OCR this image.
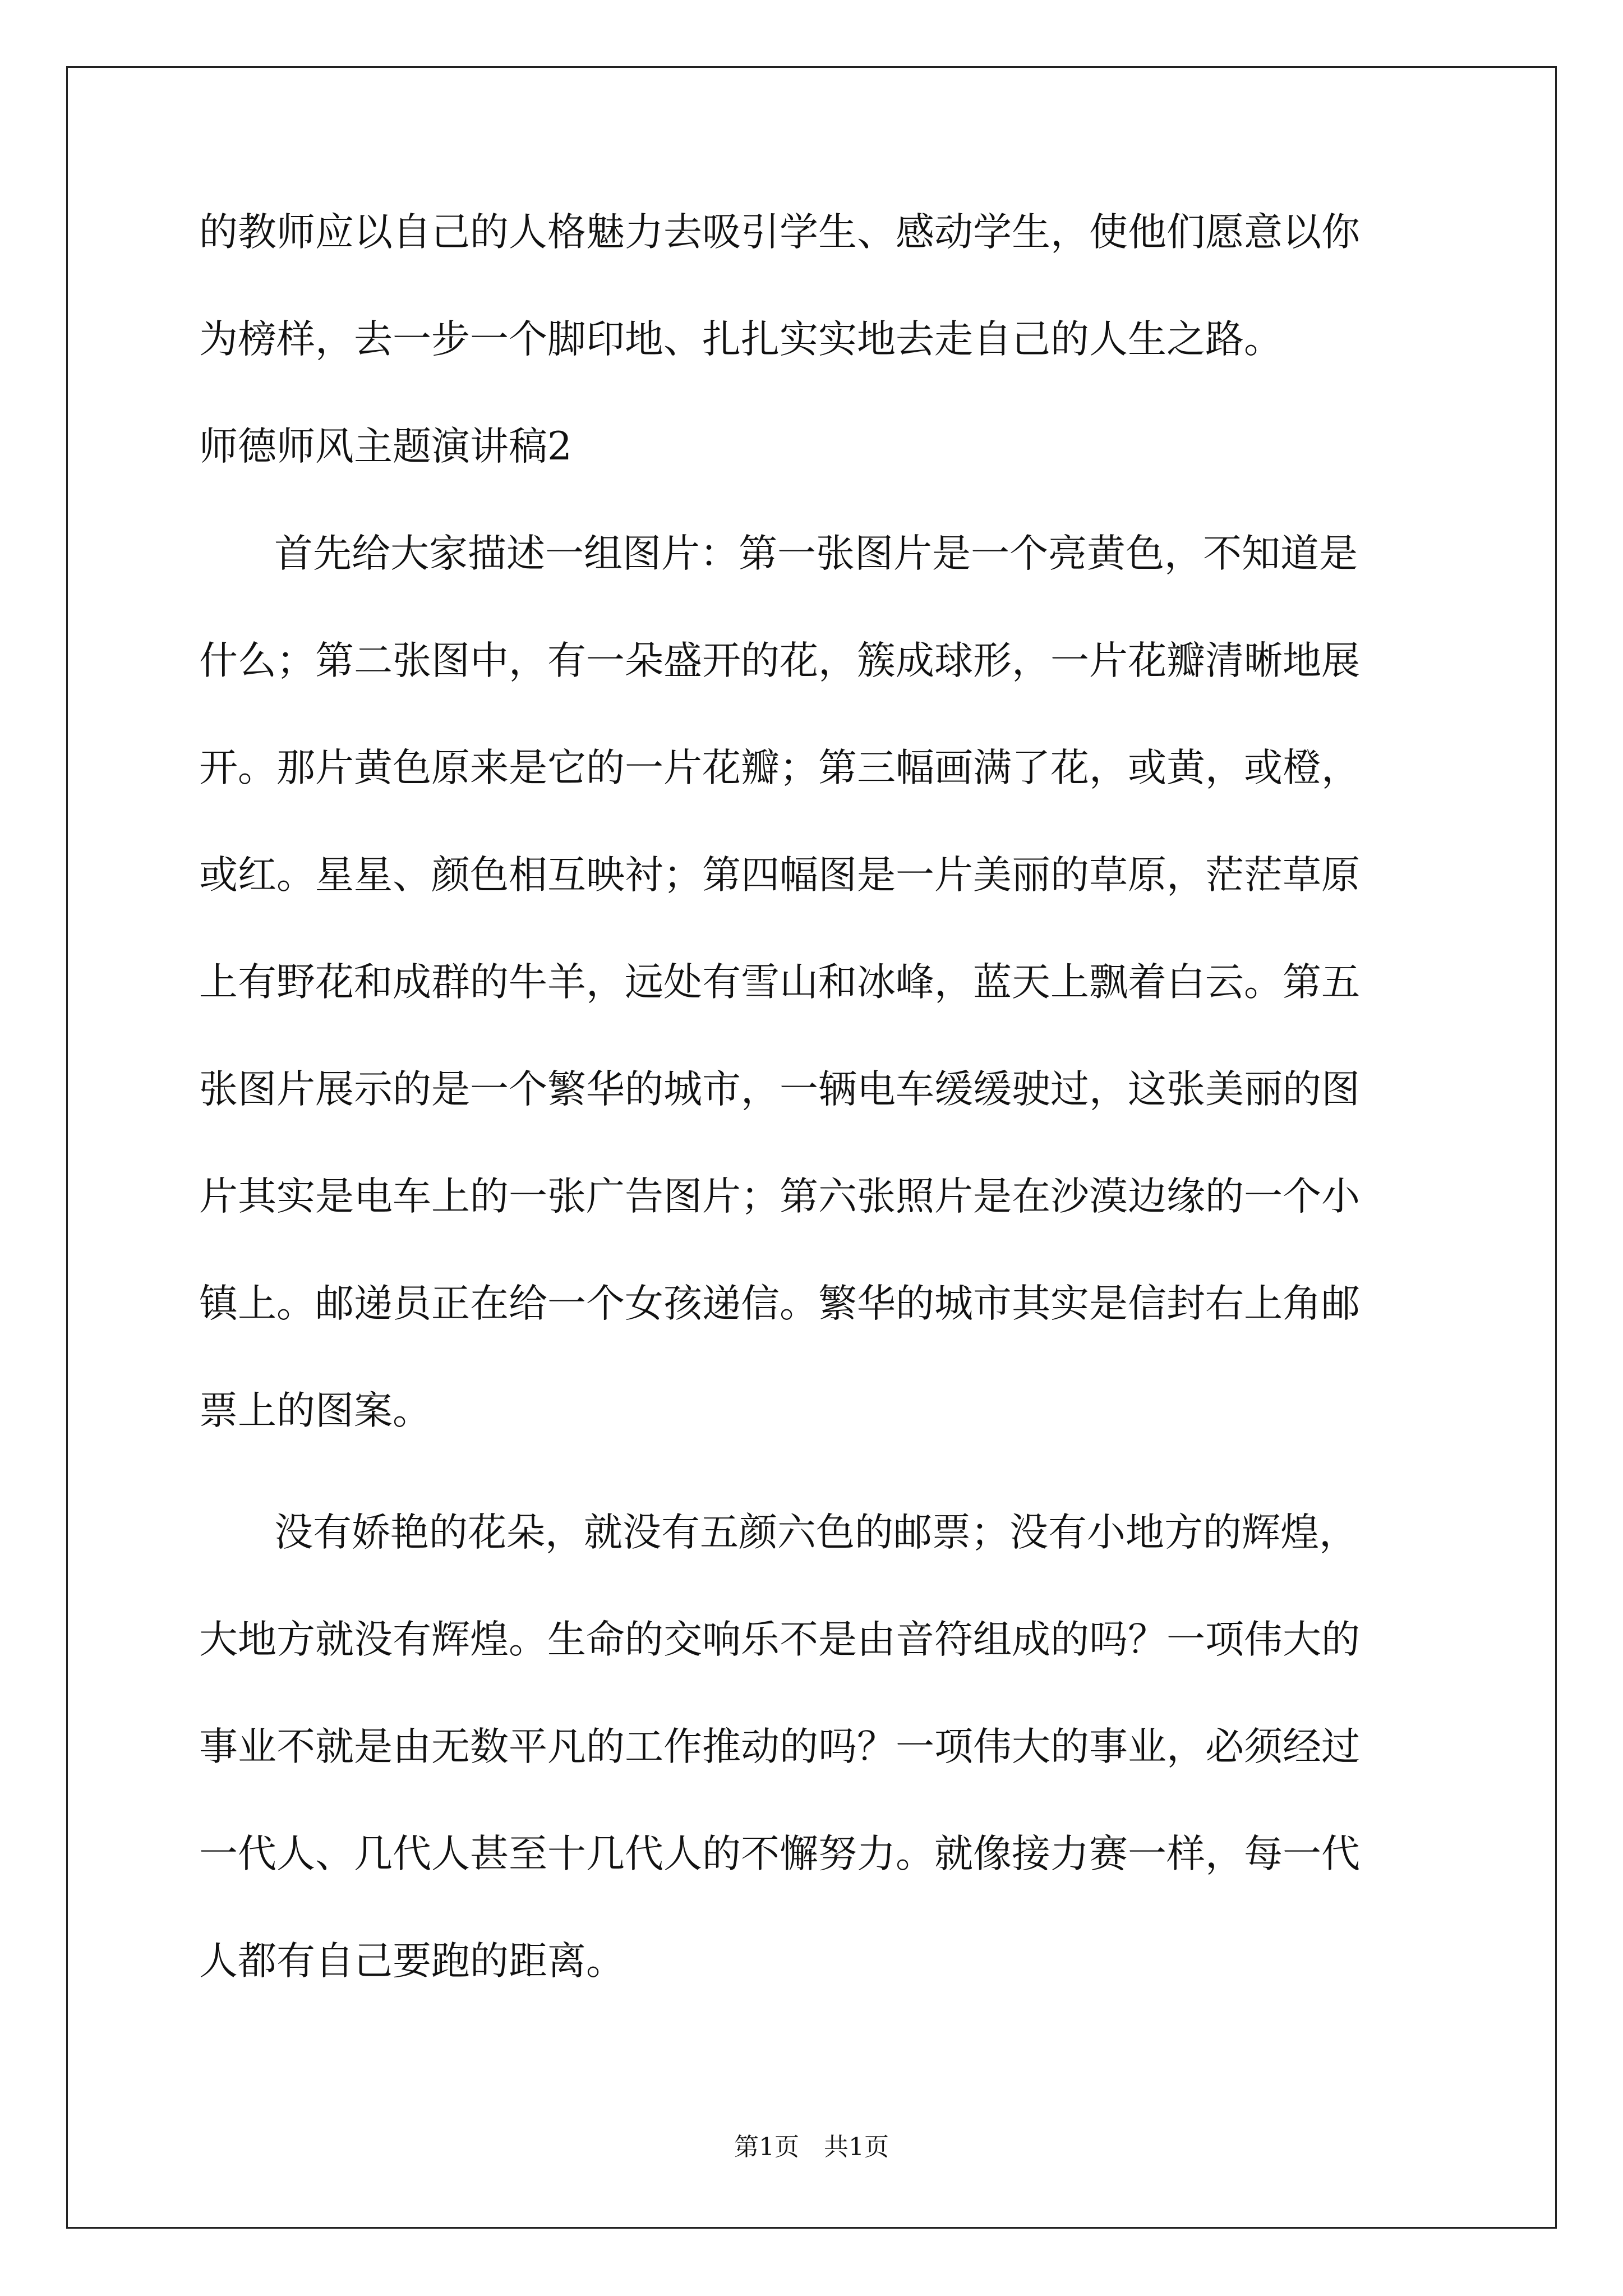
的教师应以自己的人格魅力去吸引学生、感动学生，使他们愿意以你

为榜样，去一步一个脚印地、扎扎实实地去走自己的人生之路。

师德师风主题演讲稿2

首先给大家描述一组图片：第一张图片是一个亮黄色，不知道是

什么；第二张图中，有一朵盛开的花，簇成球形，一片花瓣清晰地展

开。那片黄色原来是它的一片花瓣；第三幅画满了花，或黄，或橙，

或红。星星、颜色相互映衬；第四幅图是一片美丽的草原，茫茫草原

上有野花和成群的牛羊，远处有雪山和冰峰，蓝天上飘着白云。第五

张图片展示的是一个繁华的城市，一辆电车缓缓驶过，这张美丽的图

片其实是电车上的一张广告图片；第六张照片是在沙漠边缘的一个小

镇上。邮递员正在给一个女孩递信。繁华的城市其实是信封右上角邮

票上的图案。

没有娇艳的花朵，就没有五颜六色的邮票；没有小地方的辉煌，

大地方就没有辉煌。生命的交响乐不是由音符组成的吗？一项伟大的

事业不就是由无数平凡的工作推动的吗？一项伟大的事业，必须经过

一代人、几代人甚至十几代人的不懈努力。就像接力赛一样，每一代

人都有自己要跑的距离。

第1页　共1页
